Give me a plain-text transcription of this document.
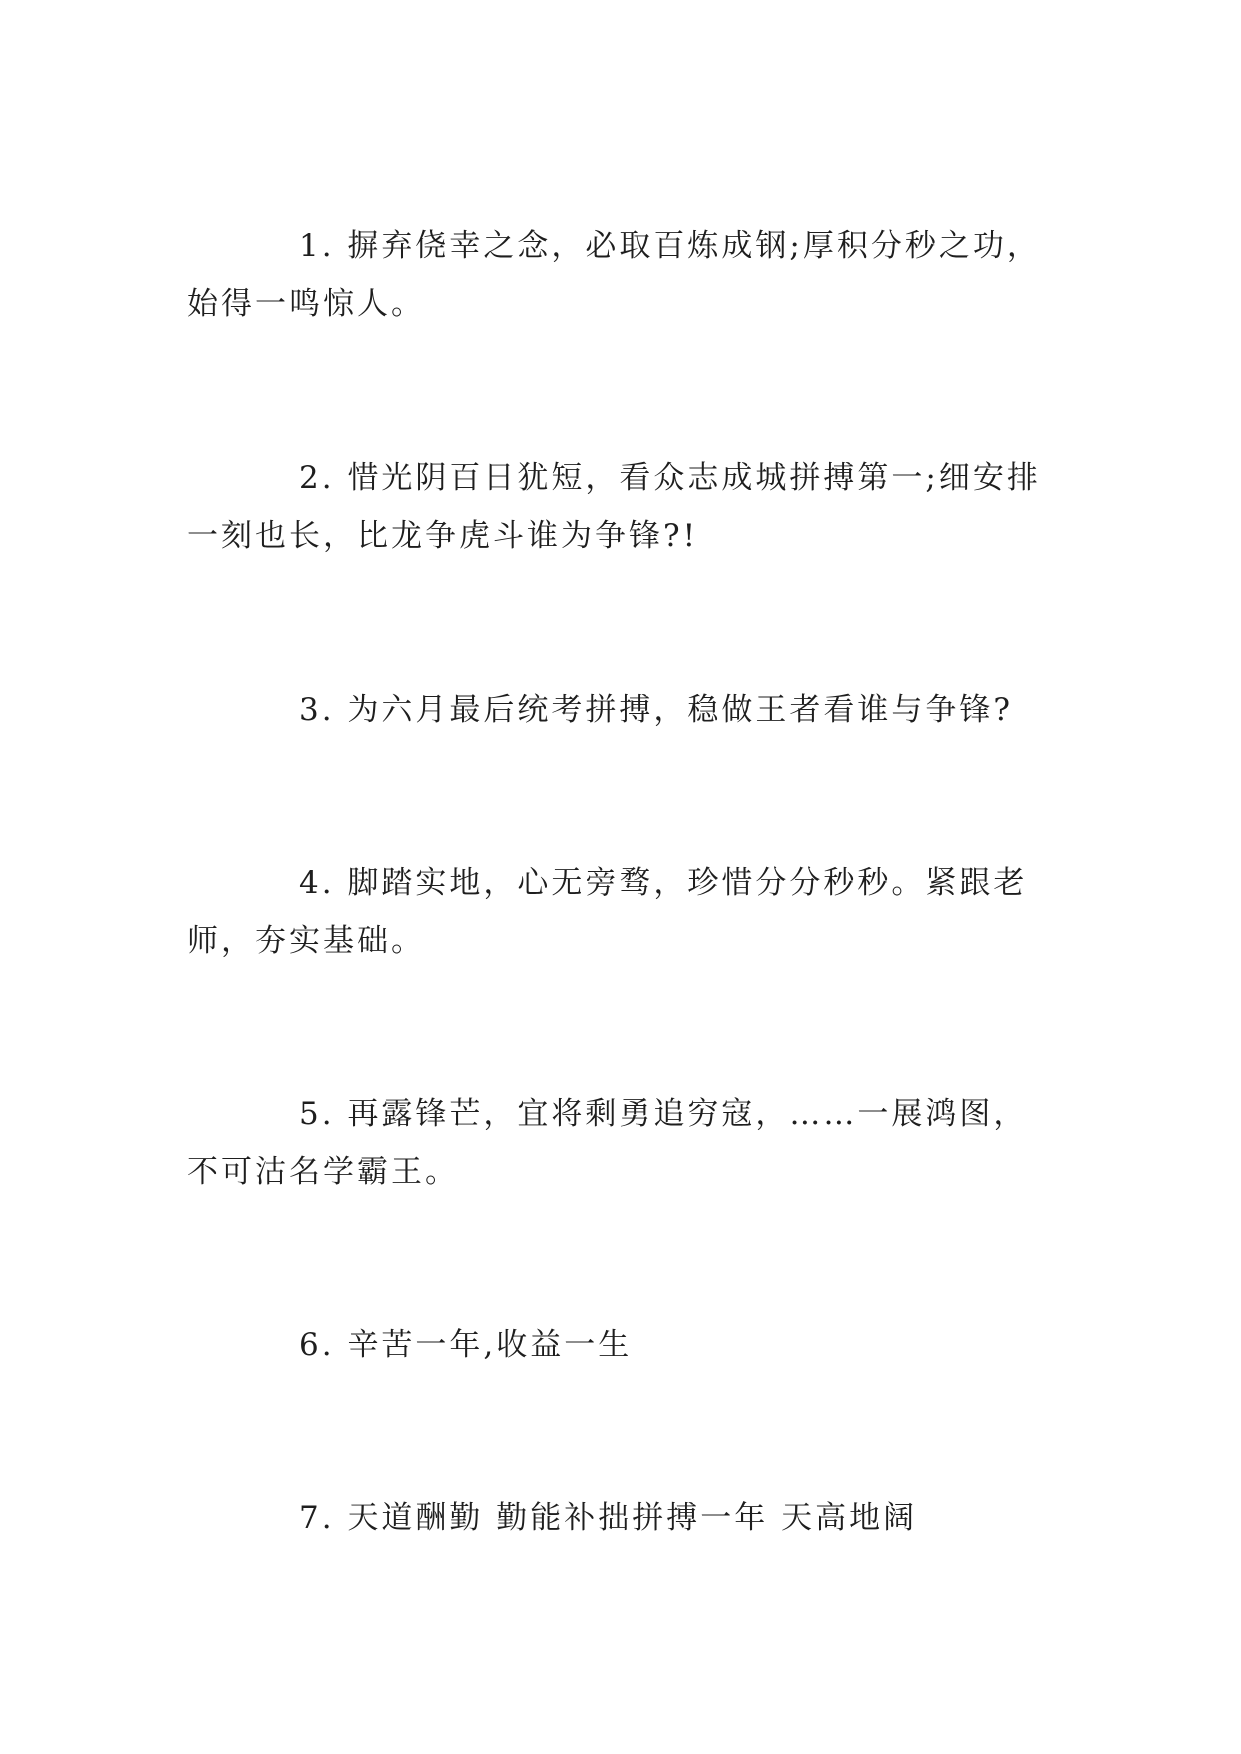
1. 摒弃侥幸之念，必取百炼成钢;厚积分秒之功，始得一鸣惊人。

2. 惜光阴百日犹短，看众志成城拼搏第一;细安排一刻也长，比龙争虎斗谁为争锋?!

3. 为六月最后统考拼搏，稳做王者看谁与争锋?

4. 脚踏实地，心无旁骛，珍惜分分秒秒。紧跟老师，夯实基础。

5. 再露锋芒，宜将剩勇追穷寇，……一展鸿图，不可沽名学霸王。

6. 辛苦一年,收益一生

7. 天道酬勤 勤能补拙拼搏一年 天高地阔
